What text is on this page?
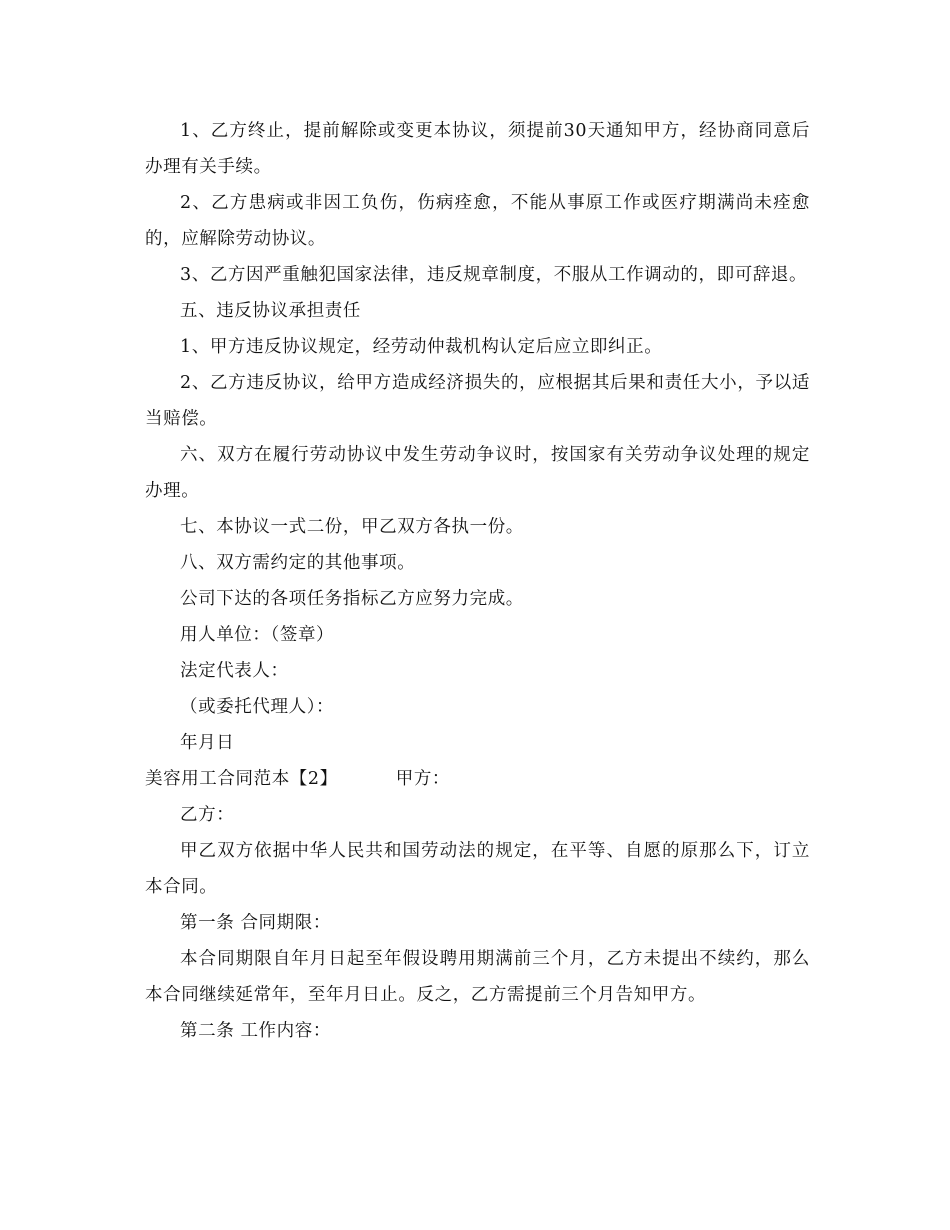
1、乙方终止，提前解除或变更本协议，须提前30天通知甲方，经协商同意后办理有关手续。

2、乙方患病或非因工负伤，伤病痊愈，不能从事原工作或医疗期满尚未痊愈的，应解除劳动协议。

3、乙方因严重触犯国家法律，违反规章制度，不服从工作调动的，即可辞退。

五、违反协议承担责任

1、甲方违反协议规定，经劳动仲裁机构认定后应立即纠正。

2、乙方违反协议，给甲方造成经济损失的，应根据其后果和责任大小，予以适当赔偿。

六、双方在履行劳动协议中发生劳动争议时，按国家有关劳动争议处理的规定办理。

七、本协议一式二份，甲乙双方各执一份。

八、双方需约定的其他事项。

公司下达的各项任务指标乙方应努力完成。

用人单位：（签章）

法定代表人：

（或委托代理人）：

年月日

美容用工合同范本【2】	甲方：

乙方：

甲乙双方依据中华人民共和国劳动法的规定，在平等、自愿的原那么下，订立本合同。

第一条 合同期限：

本合同期限自年月日起至年假设聘用期满前三个月，乙方未提出不续约，那么本合同继续延常年，至年月日止。反之，乙方需提前三个月告知甲方。

第二条 工作内容：
